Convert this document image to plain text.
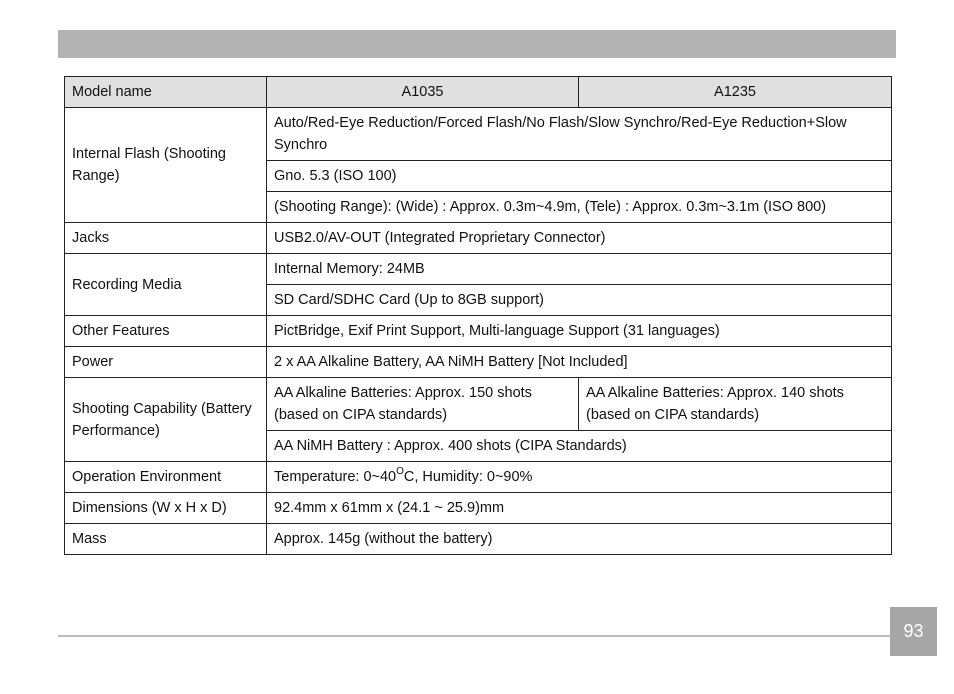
Model name	A1035	A1235
Internal Flash (Shooting Range)	Auto/Red-Eye Reduction/Forced Flash/No Flash/Slow Synchro/Red-Eye Reduction+Slow Synchro	
	Gno. 5.3 (ISO 100)	
	(Shooting Range): (Wide) : Approx. 0.3m~4.9m, (Tele) : Approx. 0.3m~3.1m (ISO 800)	
Jacks	USB2.0/AV-OUT (Integrated Proprietary Connector)	
Recording Media	Internal Memory: 24MB	
	SD Card/SDHC Card (Up to 8GB support)	
Other Features	PictBridge, Exif Print Support, Multi-language Support (31 languages)	
Power	2 x AA Alkaline Battery, AA NiMH Battery [Not Included]	
Shooting Capability (Battery Performance)	AA Alkaline Batteries: Approx. 150 shots (based on CIPA standards)	AA Alkaline Batteries: Approx. 140 shots (based on CIPA standards)
	AA NiMH Battery : Approx. 400 shots (CIPA Standards)	
Operation Environment	Temperature: $0\sim 40^OC$, Humidity: 0~90%	
Dimensions (W x H x D)	92.4mm x 61mm x (24.1 ~ 25.9)mm	
Mass	Approx. 145g (without the battery)	
93
